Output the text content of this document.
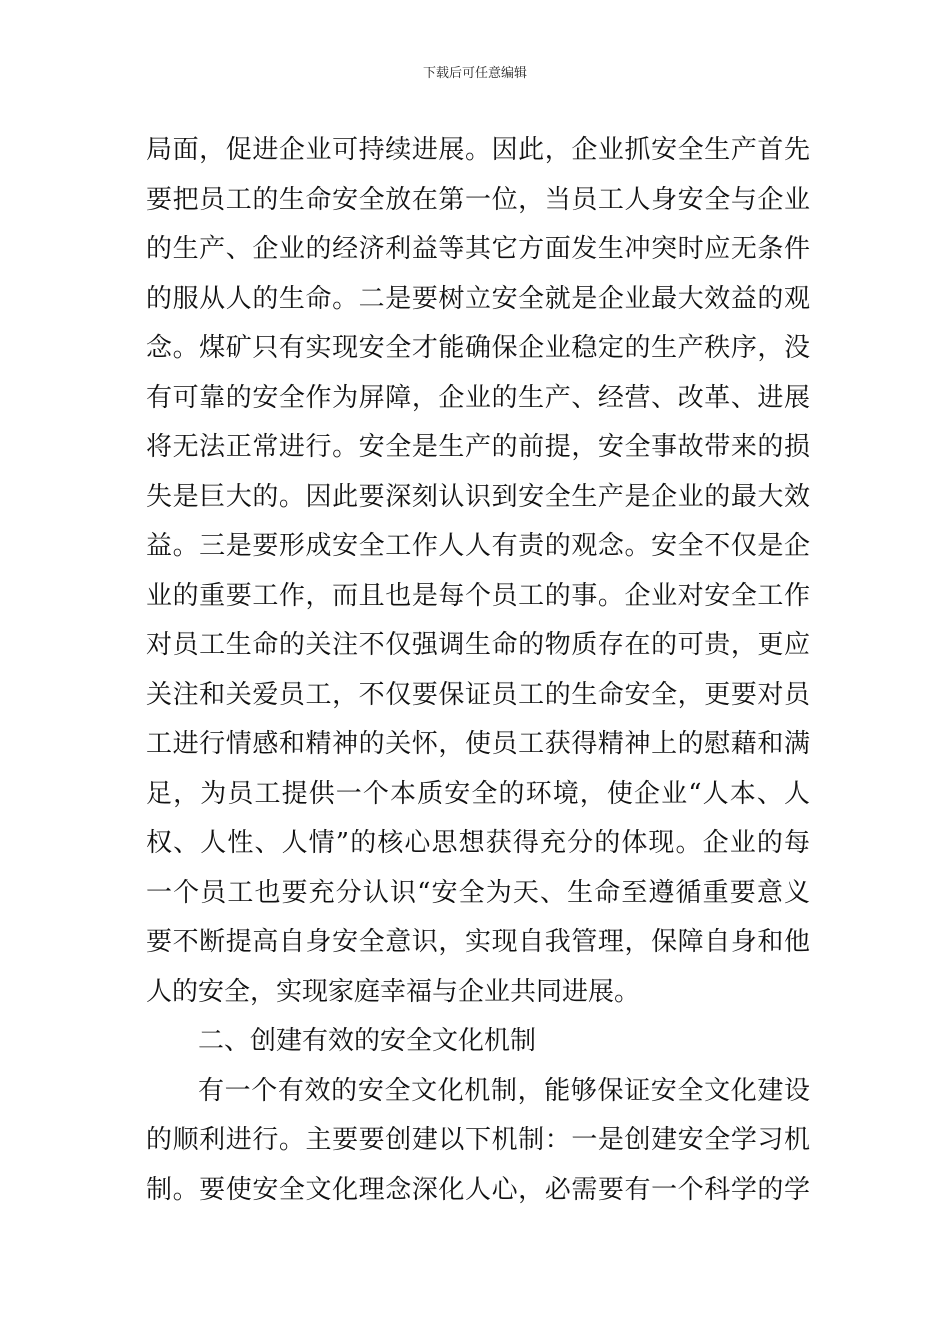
下载后可任意编辑
局面，促进企业可持续进展。因此，企业抓安全生产首先
要把员工的生命安全放在第一位，当员工人身安全与企业
的生产、企业的经济利益等其它方面发生冲突时应无条件
的服从人的生命。二是要树立安全就是企业最大效益的观
念。煤矿只有实现安全才能确保企业稳定的生产秩序，没
有可靠的安全作为屏障，企业的生产、经营、改革、进展
将无法正常进行。安全是生产的前提，安全事故带来的损
失是巨大的。因此要深刻认识到安全生产是企业的最大效
益。三是要形成安全工作人人有责的观念。安全不仅是企
业的重要工作，而且也是每个员工的事。企业对安全工作
对员工生命的关注不仅强调生命的物质存在的可贵，更应
关注和关爱员工，不仅要保证员工的生命安全，更要对员
工进行情感和精神的关怀，使员工获得精神上的慰藉和满
足，为员工提供一个本质安全的环境，使企业“人本、人
权、人性、人情”的核心思想获得充分的体现。企业的每
一个员工也要充分认识“安全为天、生命至遵循重要意义
要不断提高自身安全意识，实现自我管理，保障自身和他
人的安全，实现家庭幸福与企业共同进展。
二、创建有效的安全文化机制
有一个有效的安全文化机制，能够保证安全文化建设
的顺利进行。主要要创建以下机制：一是创建安全学习机
制。要使安全文化理念深化人心，必需要有一个科学的学
